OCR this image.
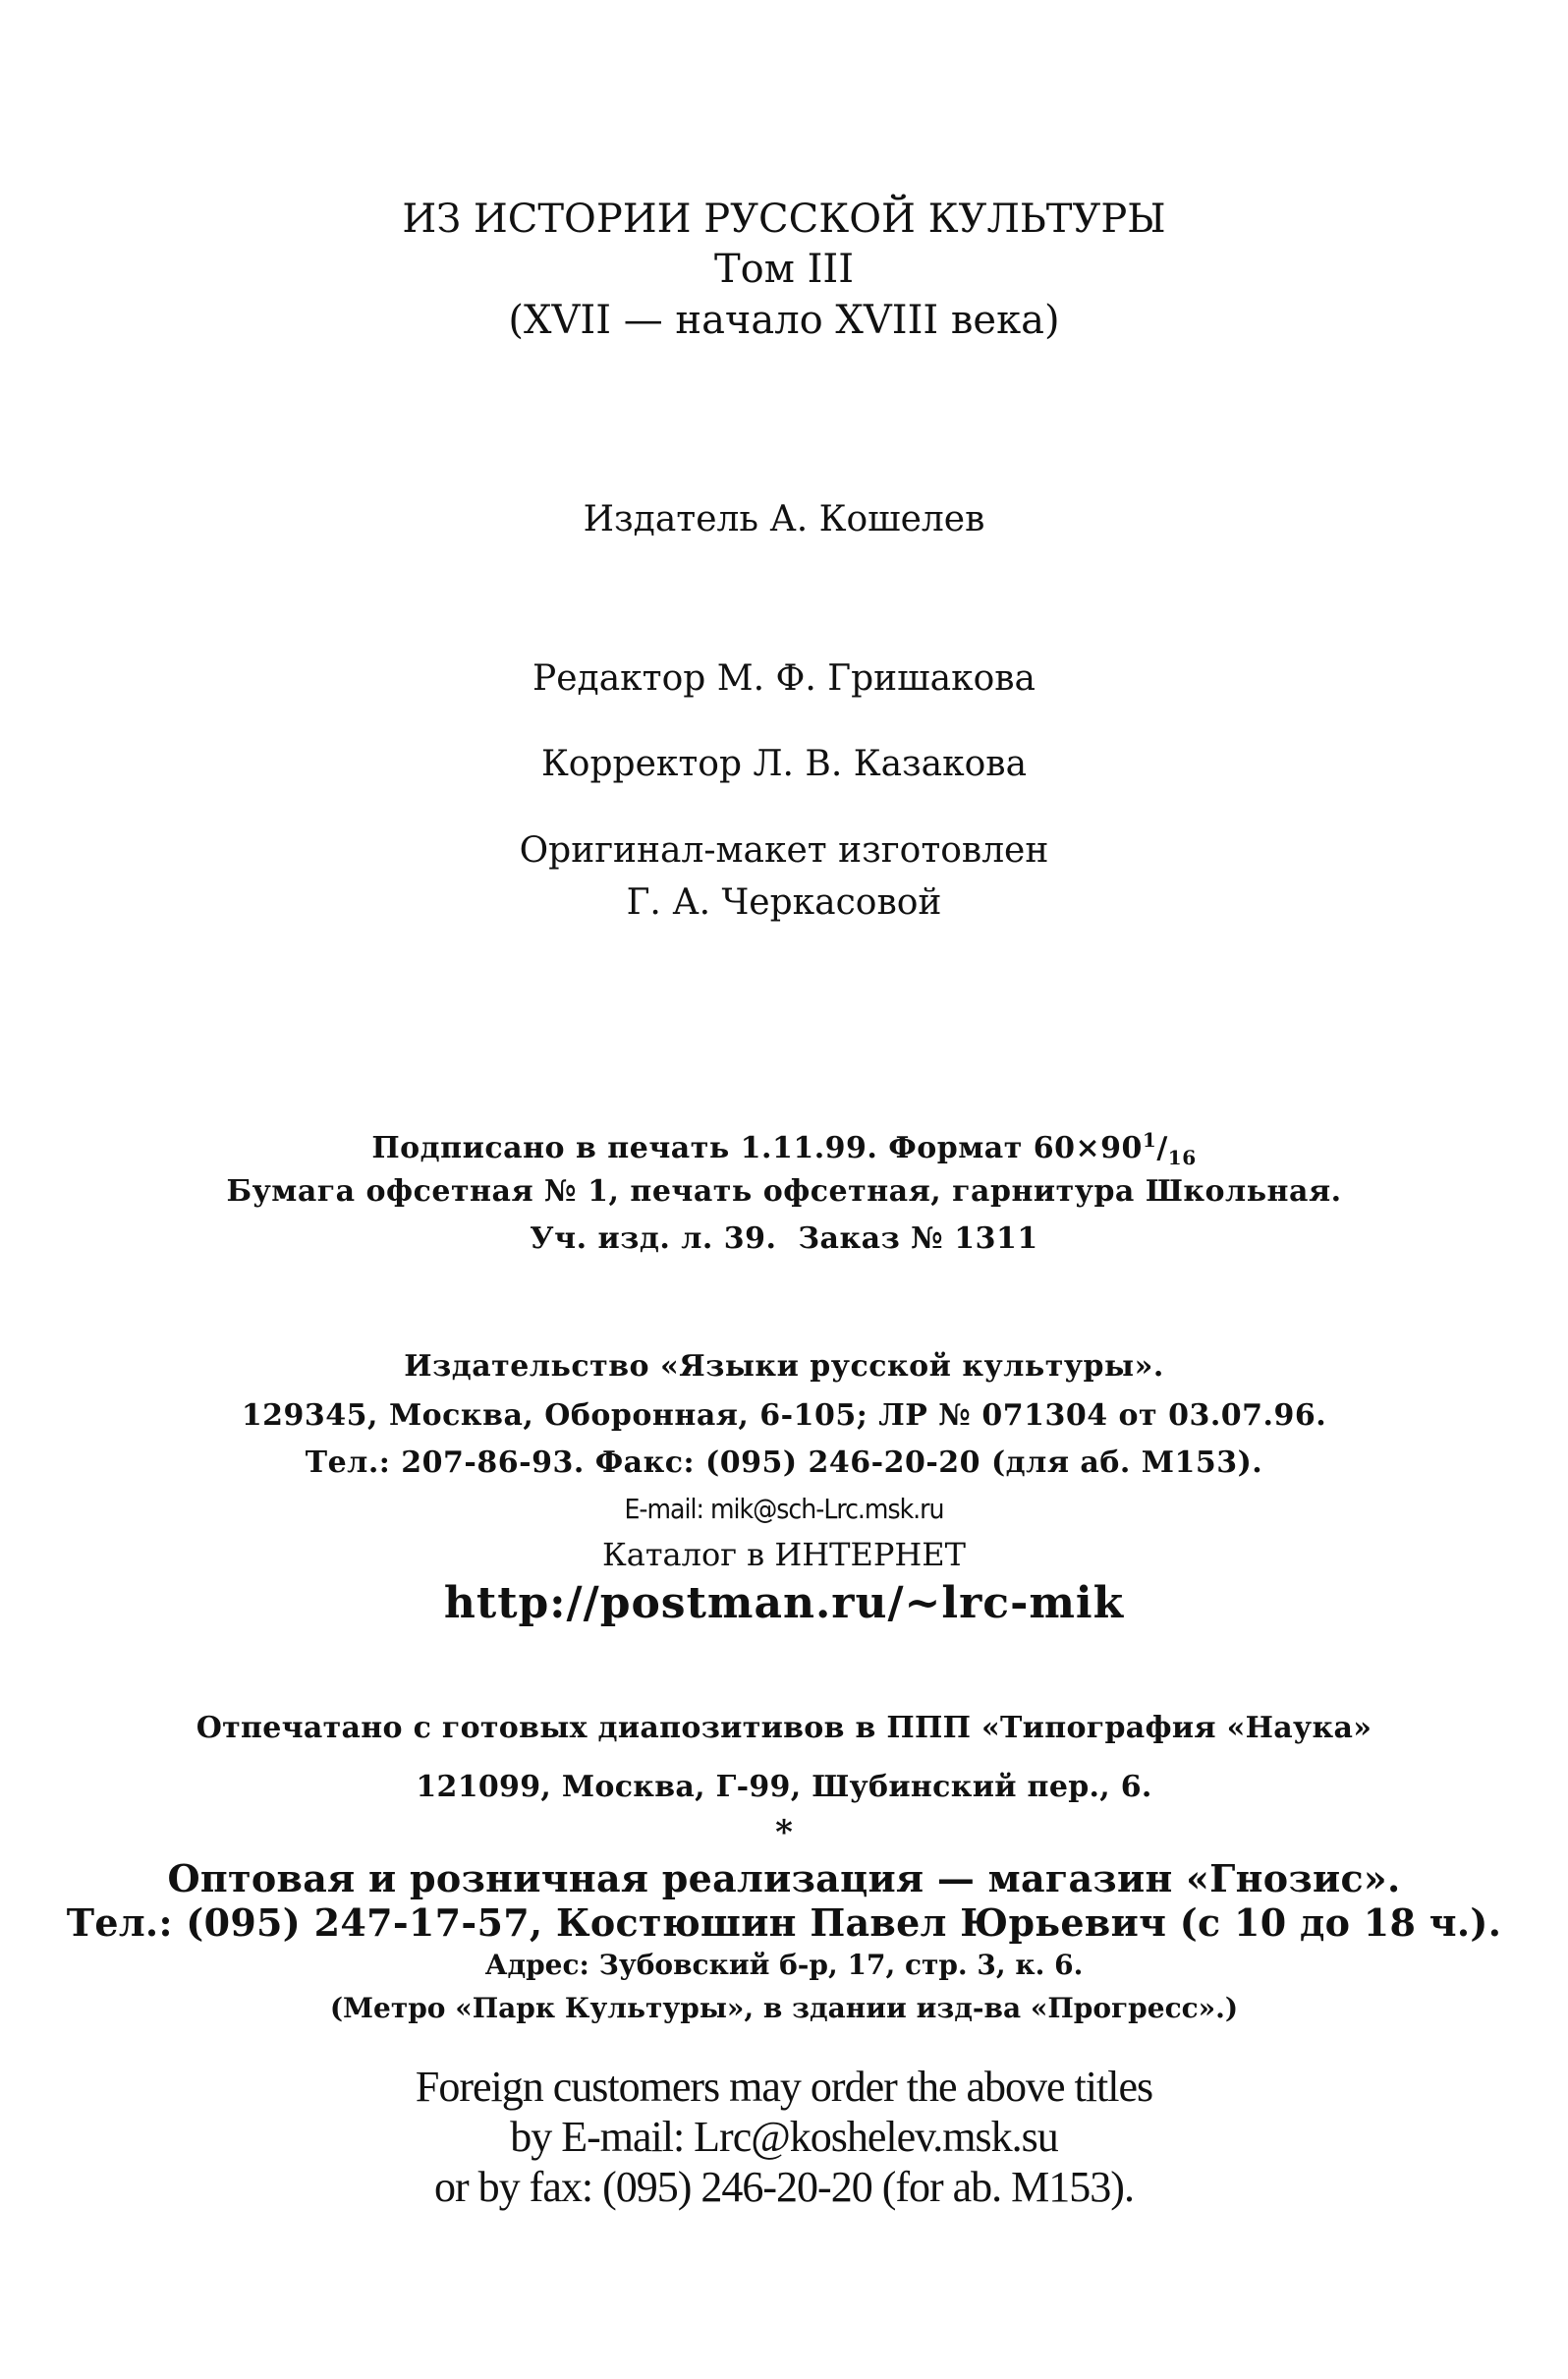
ИЗ ИСТОРИИ РУССКОЙ КУЛЬТУРЫ
Том III
(XVII — начало XVIII века)
Издатель А. Кошелев
Редактор М. Ф. Гришакова
Корректор Л. В. Казакова
Оригинал-макет изготовлен
Г. А. Черкасовой
Подписано в печать 1.11.99. Формат $60\times 90^1/_{16}$
Бумага офсетная № 1, печать офсетная, гарнитура Школьная.
Уч. изд. л. 39. Заказ № 1311
Издательство «Языки русской культуры».
129345, Москва, Оборонная, 6-105; ЛР № 071304 от 03.07.96.
Тел.: 207-86-93. Факс: (095) 246-20-20 (для аб. М153).
E-mail: mik@sch-Lrc.msk.ru
Каталог в ИНТЕРНЕТ
http://postman.ru/~lrc-mik
Отпечатано с готовых диапозитивов в ППП «Типография «Наука»
121099, Москва, Г-99, Шубинский пер., 6.
*
Оптовая и розничная реализация — магазин «Гнозис».
Тел.: (095) 247-17-57, Костюшин Павел Юрьевич (с 10 до 18 ч.).
Адрес: Зубовский б-р, 17, стр. 3, к. 6.
(Метро «Парк Культуры», в здании изд-ва «Прогресс».)
Foreign customers may order the above titles
by E-mail: Lrc@koshelev.msk.su
or by fax: (095) 246-20-20 (for ab. M153).
